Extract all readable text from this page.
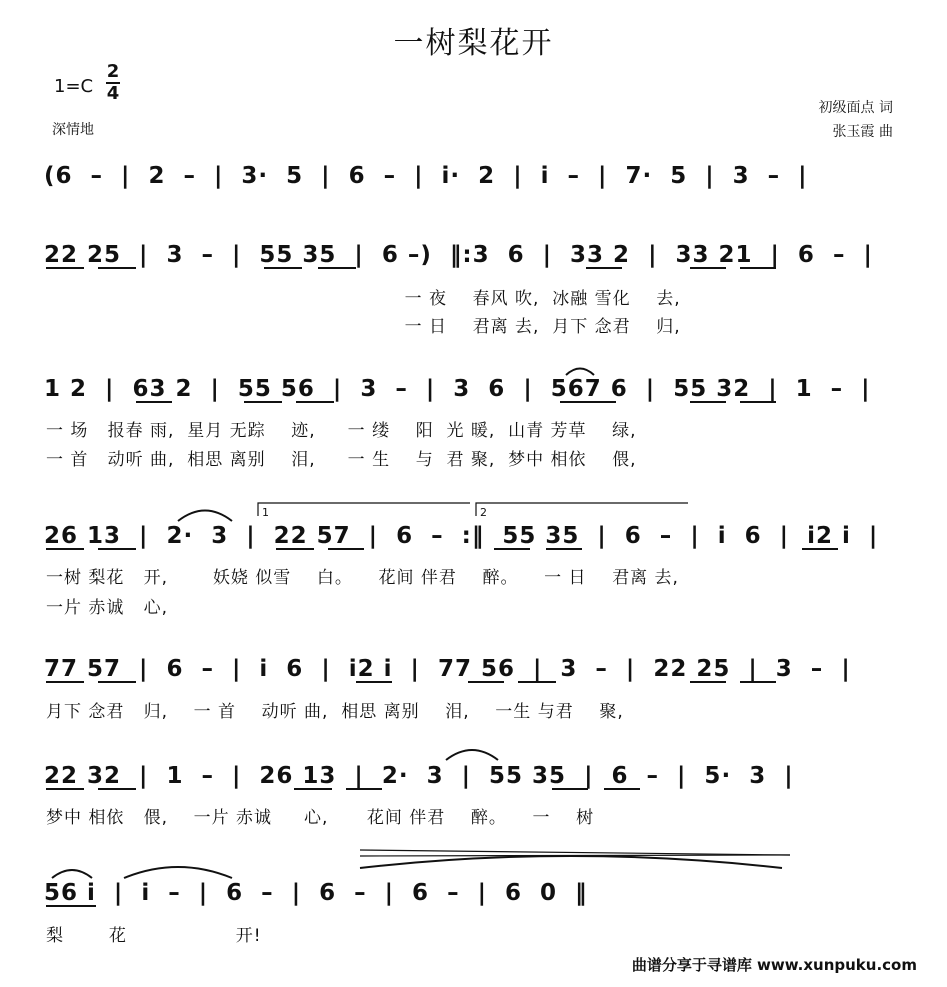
一树梨花开
1=C
2
4
深情地
初级面点 词
张玉霞 曲
(6  –  |  2  –  |  3·  5  |  6  –  |  i·  2  |  i  –  |  7·  5  |  3  –  |
22 25  |  3  –  |  55 35  |  6 –)  ‖:3  6  |  33 2  |  33 21  |  6  –  |
一 夜    春风 吹,  冰融 雪化    去,
一 日    君离 去,  月下 念君    归,
1 2  |  63 2  |  55 56  |  3  –  |  3  6  |  567 6  |  55 32  |  1  –  |
一 场   报春 雨,  星月 无踪    迹,     一 缕    阳  光 暖,  山青 芳草    绿,
一 首   动听 曲,  相思 离别    泪,     一 生    与  君 聚,  梦中 相依    偎,
26 13  |  2·  3  |  22 57  |  6  –  :‖  55 35  |  6  –  |  i  6  |  i2 i  |
一树 梨花   开,       妖娆 似雪    白。    花间 伴君    醉。    一 日    君离 去,
一片 赤诚   心,
77 57  |  6  –  |  i  6  |  i2 i  |  77 56  |  3  –  |  22 25  |  3  –  |
月下 念君   归,    一 首    动听 曲,  相思 离别    泪,    一生 与君    聚,
22 32  |  1  –  |  26 13  |  2·  3  |  55 35  |  6  –  |  5·  3  |
梦中 相依   偎,    一片 赤诚     心,      花间 伴君    醉。    一    树
56 i  |  i  –  |  6  –  |  6  –  |  6  –  |  6  0  ‖
梨       花                 开!
1	2
曲谱分享于寻谱库 www.xunpuku.com
